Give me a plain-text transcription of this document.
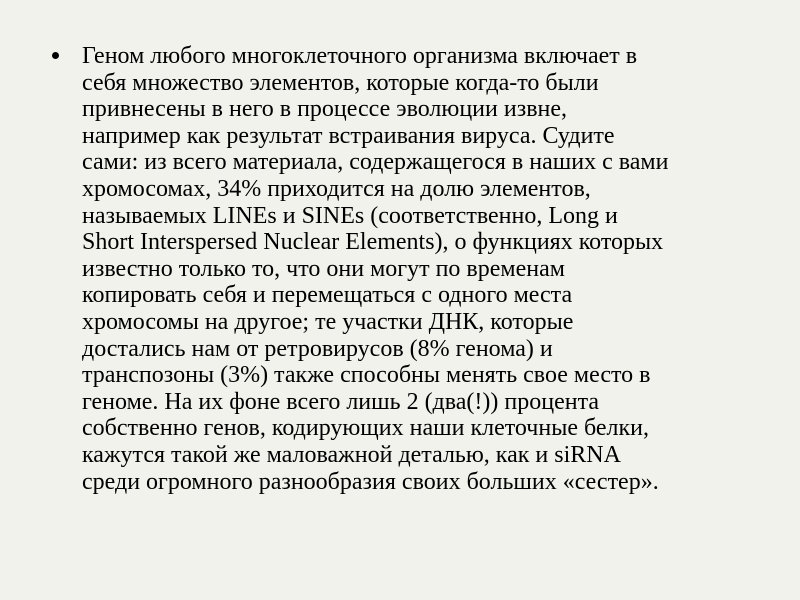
Геном любого многоклеточного организма включает в
себя множество элементов, которые когда-то были
привнесены в него в процессе эволюции извне,
например как результат встраивания вируса. Судите
сами: из всего материала, содержащегося в наших с вами
хромосомах, 34% приходится на долю элементов,
называемых LINEs и SINEs (соответственно, Long и
Short Interspersed Nuclear Elements), о функциях которых
известно только то, что они могут по временам
копировать себя и перемещаться с одного места
хромосомы на другое; те участки ДНК, которые
достались нам от ретровирусов (8% генома) и
транспозоны (3%) также способны менять свое место в
геноме. На их фоне всего лишь 2 (два(!)) процента
собственно генов, кодирующих наши клеточные белки,
кажутся такой же маловажной деталью, как и siRNA
среди огромного разнообразия своих больших «сестер».
